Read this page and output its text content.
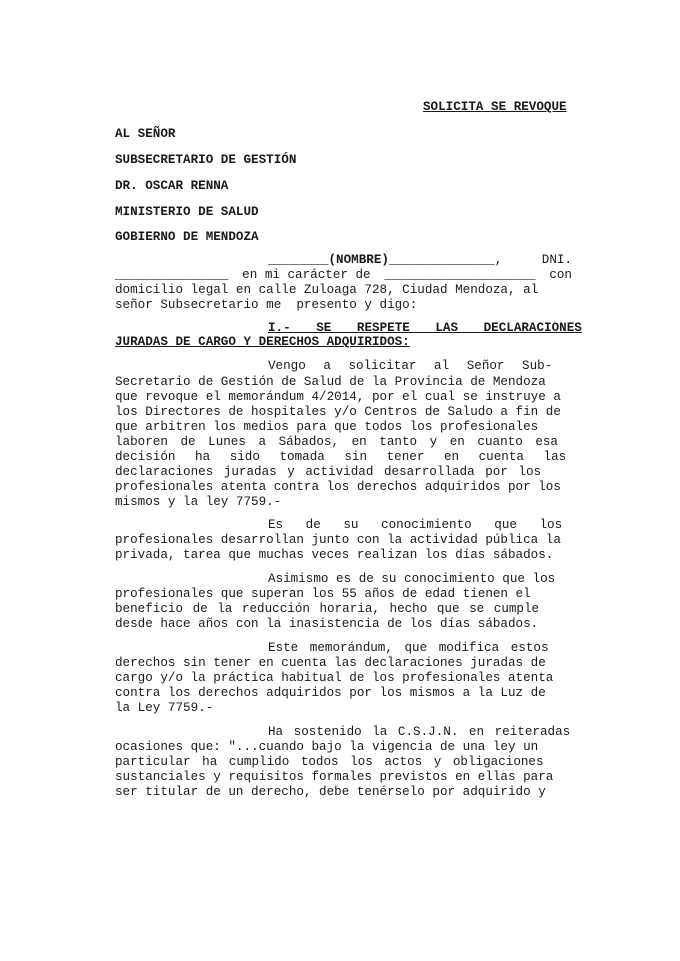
SOLICITA SE REVOQUE
AL SEÑOR
SUBSECRETARIO DE GESTIÓN
DR. OSCAR RENNA
MINISTERIO DE SALUD
GOBIERNO DE MENDOZA
________(NOMBRE)______________,	DNI.
_______________ en mi carácter de ____________________ con
domicilio legal en calle Zuloaga 728, Ciudad Mendoza, al
señor Subsecretario me  presento y digo:
I.- SE RESPETE LAS DECLARACIONES
JURADAS DE CARGO Y DERECHOS ADQUIRIDOS:
Vengo a solicitar al Señor Sub-
Secretario de Gestión de Salud de la Provincia de Mendoza
que revoque el memorándum 4/2014, por el cual se instruye a
los Directores de hospitales y/o Centros de Saludo a fin de
que arbitren los medios para que todos los profesionales
laboren de Lunes a Sábados, en tanto y en cuanto esa
decisión ha sido tomada sin tener en cuenta las
declaraciones juradas y actividad desarrollada por los
profesionales atenta contra los derechos adquiridos por los
mismos y la ley 7759.-
Es de su conocimiento que los
profesionales desarrollan junto con la actividad pública la
privada, tarea que muchas veces realizan los días sábados.
Asimismo es de su conocimiento que los
profesionales que superan los 55 años de edad tienen el
beneficio de la reducción horaria, hecho que se cumple
desde hace años con la inasistencia de los días sábados.
Este memorándum, que modifica estos
derechos sin tener en cuenta las declaraciones juradas de
cargo y/o la práctica habitual de los profesionales atenta
contra los derechos adquiridos por los mismos a la Luz de
la Ley 7759.-
Ha sostenido la C.S.J.N. en reiteradas
ocasiones que: "...cuando bajo la vigencia de una ley un
particular ha cumplido todos los actos y obligaciones
sustanciales y requisitos formales previstos en ellas para
ser titular de un derecho, debe tenérselo por adquirido y
